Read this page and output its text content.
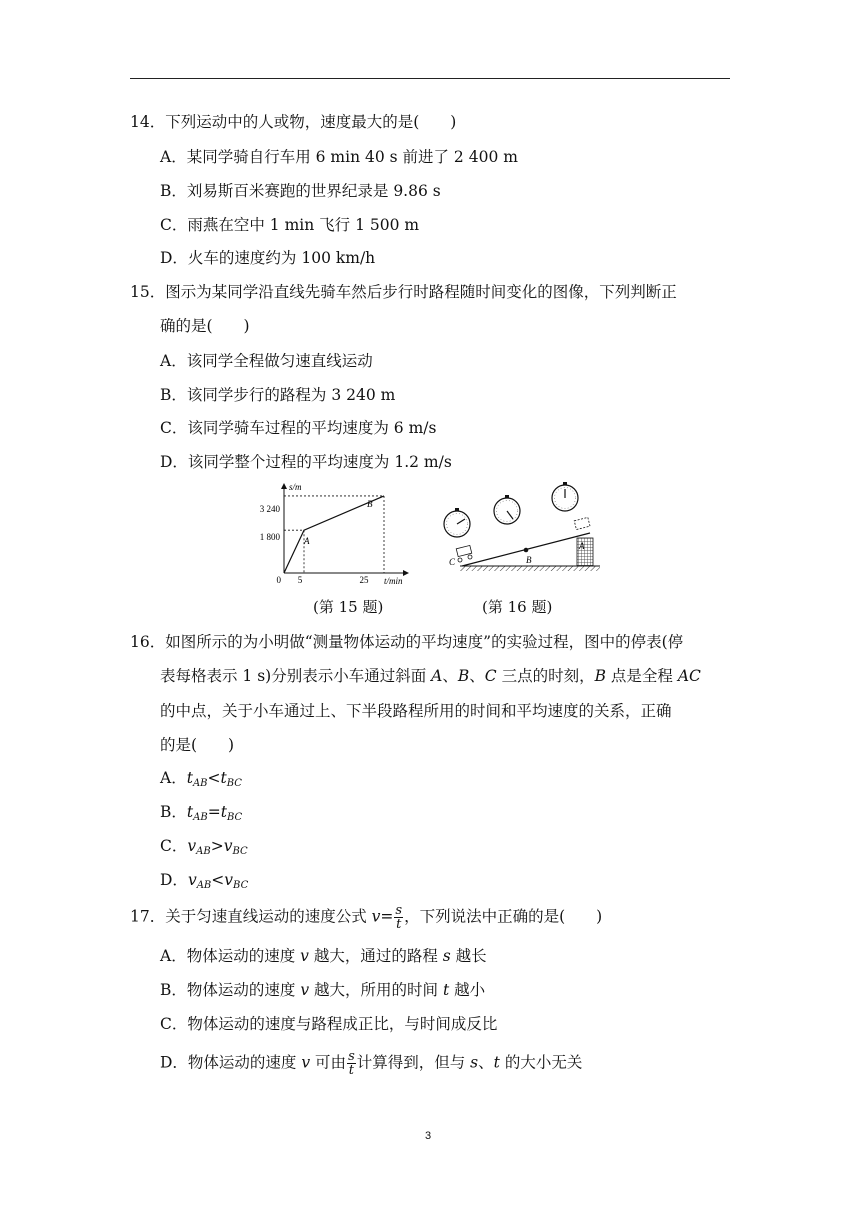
14．下列运动中的人或物，速度最大的是(　　)
A．某同学骑自行车用 6 min 40 s 前进了 2 400 m
B．刘易斯百米赛跑的世界纪录是 9.86 s
C．雨燕在空中 1 min 飞行 1 500 m
D．火车的速度约为 100 km/h
15．图示为某同学沿直线先骑车然后步行时路程随时间变化的图像，下列判断正
确的是(　　)
A．该同学全程做匀速直线运动
B．该同学步行的路程为 3 240 m
C．该同学骑车过程的平均速度为 6 m/s
D．该同学整个过程的平均速度为 1.2 m/s
s/m
t/min
3 240
1 800
0 5	25
A
B
B
C
A
(第 15 题)	(第 16 题)
16．如图所示的为小明做“测量物体运动的平均速度”的实验过程，图中的停表(停
表每格表示 1 s)分别表示小车通过斜面 A、B、C 三点的时刻，B 点是全程 AC
的中点，关于小车通过上、下半段路程所用的时间和平均速度的关系，正确
的是(　　)
A．$t_{AB}<t_{BC}$
B．$t_{AB}=t_{BC}$
C．$v_{AB}>v_{BC}$
D．$v_{AB}<v_{BC}$
17．关于匀速直线运动的速度公式 $v= \frac{s}{t}$ ，下列说法中正确的是(　　)
A．物体运动的速度 v 越大，通过的路程 s 越长
B．物体运动的速度 v 越大，所用的时间 t 越小
C．物体运动的速度与路程成正比，与时间成反比
D．物体运动的速度 v 可由 $\frac{s}{t}$ 计算得到，但与 s、t 的大小无关
3
